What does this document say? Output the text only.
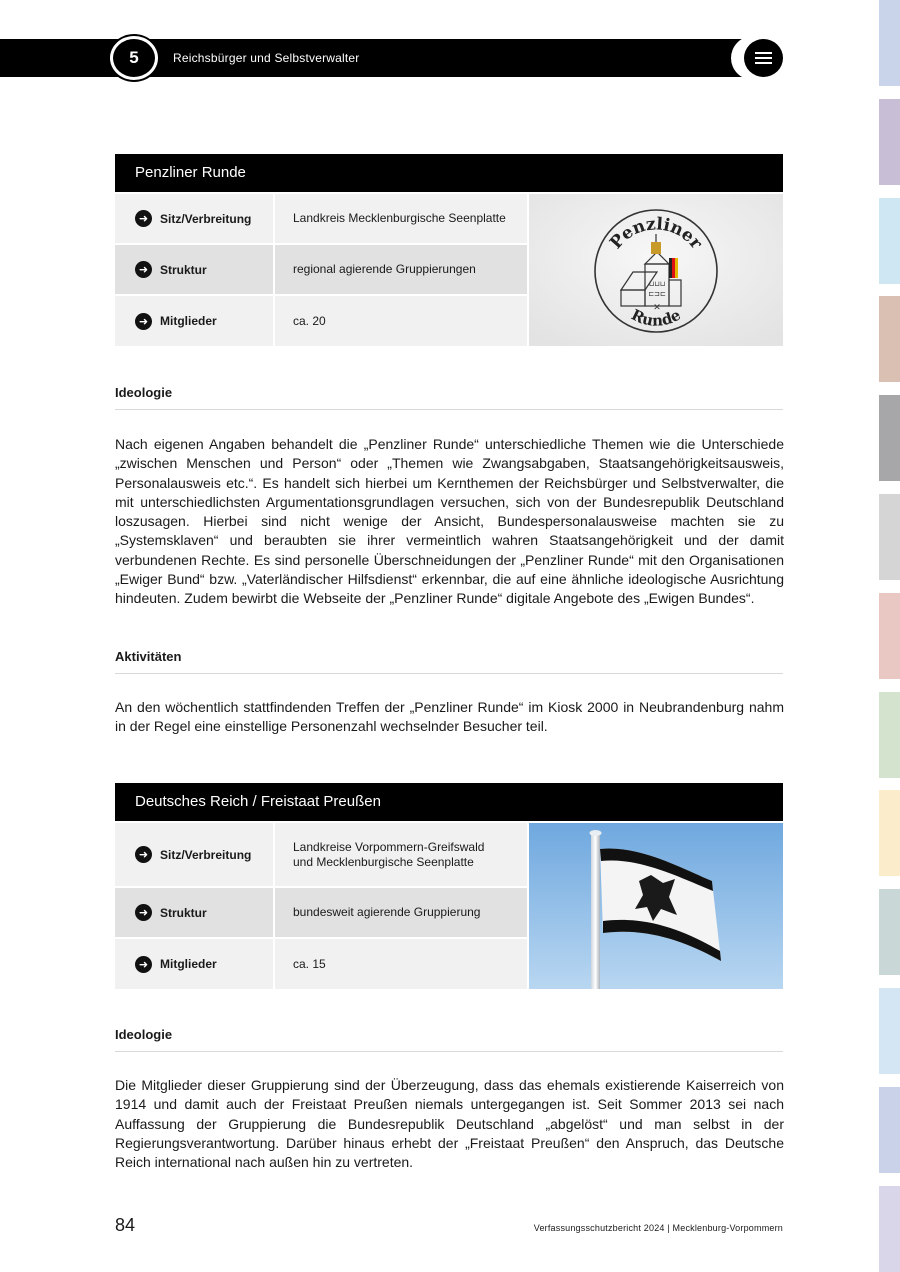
5	Reichsbürger und Selbstverwalter
Penzliner Runde
➜ Sitz/Verbreitung	Landkreis Mecklenburgische Seenplatte
➜ Struktur	regional agierende Gruppierungen
➜ Mitglieder	ca. 20
Penzliner
Runde
⊔⊔⊔
⊏⊐⊏
✕
Ideologie
Nach eigenen Angaben behandelt die „Penzliner Runde“ unterschiedliche Themen wie die Unterschiede „zwischen Menschen und Person“ oder „Themen wie Zwangsabgaben, Staatsangehörigkeitsausweis, Personalausweis etc.“. Es handelt sich hierbei um Kernthemen der Reichsbürger und Selbstverwalter, die mit unterschiedlichsten Argumentationsgrundlagen versuchen, sich von der Bundesrepublik Deutschland loszusagen. Hierbei sind nicht wenige der Ansicht, Bundespersonalausweise machten sie zu „Systemsklaven“ und beraubten sie ihrer vermeintlich wahren Staatsangehörigkeit und der damit verbundenen Rechte. Es sind personelle Überschneidungen der „Penzliner Runde“ mit den Organisationen „Ewiger Bund“ bzw. „Vaterländischer Hilfsdienst“ erkennbar, die auf eine ähnliche ideologische Ausrichtung hindeuten. Zudem bewirbt die Webseite der „Penzliner Runde“ digitale Angebote des „Ewigen Bundes“.
Aktivitäten
An den wöchentlich stattfindenden Treffen der „Penzliner Runde“ im Kiosk 2000 in Neubrandenburg nahm in der Regel eine einstellige Personenzahl wechselnder Besucher teil.
Deutsches Reich / Freistaat Preußen
➜ Sitz/Verbreitung
Landkreise Vorpommern-Greifswald
und Mecklenburgische Seenplatte
➜ Struktur	bundesweit agierende Gruppierung
➜ Mitglieder	ca. 15
Ideologie
Die Mitglieder dieser Gruppierung sind der Überzeugung, dass das ehemals existierende Kaiserreich von 1914 und damit auch der Freistaat Preußen niemals untergegangen ist. Seit Sommer 2013 sei nach Auffassung der Gruppierung die Bundesrepublik Deutschland „abgelöst“ und man selbst in der Regierungsverantwortung. Darüber hinaus erhebt der „Freistaat Preußen“ den Anspruch, das Deutsche Reich international nach außen hin zu vertreten.
84	Verfassungsschutzbericht 2024 | Mecklenburg-Vorpommern
